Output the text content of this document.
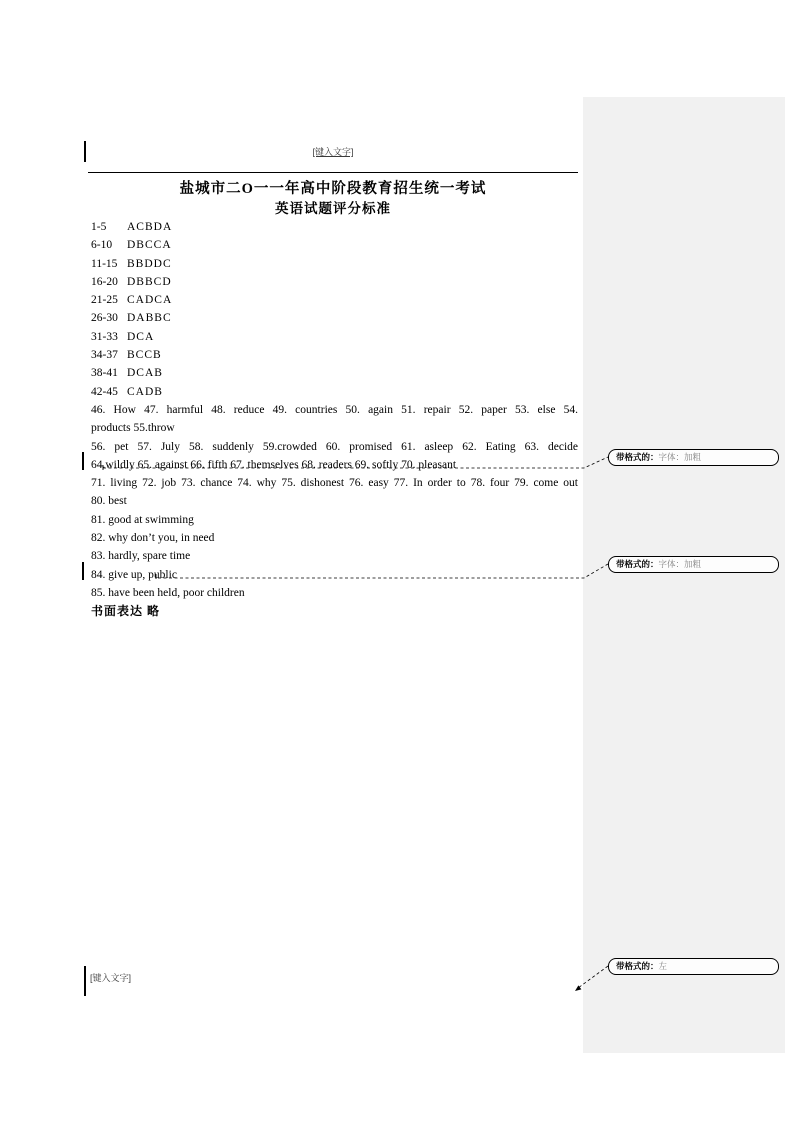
[键入文字]
盐城市二O一一年高中阶段教育招生统一考试
英语试题评分标准
1-5 ACBDA
6-10 DBCCA
11-15 BBDDC
16-20 DBBCD
21-25 CADCA
26-30 DABBC
31-33 DCA
34-37 BCCB
38-41 DCAB
42-45 CADB
46. How 47. harmful 48. reduce 49. countries 50. again 51. repair 52. paper 53. else 54.
products 55.throw
56. pet 57. July 58. suddenly 59.crowded 60. promised 61. asleep 62. Eating 63. decide
64.wildly 65. against 66. fifth 67. themselves 68. readers 69. softly 70. pleasant
71. living 72. job 73. chance 74. why 75. dishonest 76. easy 77. In order to 78. four 79. come out
80. best
81. good at swimming
82. why don’t you, in need
83. hardly, spare time
84. give up, public
85. have been held, poor children
书面表达 略
[键入文字]
带格式的：字体：加粗
带格式的：字体：加粗
带格式的：左
